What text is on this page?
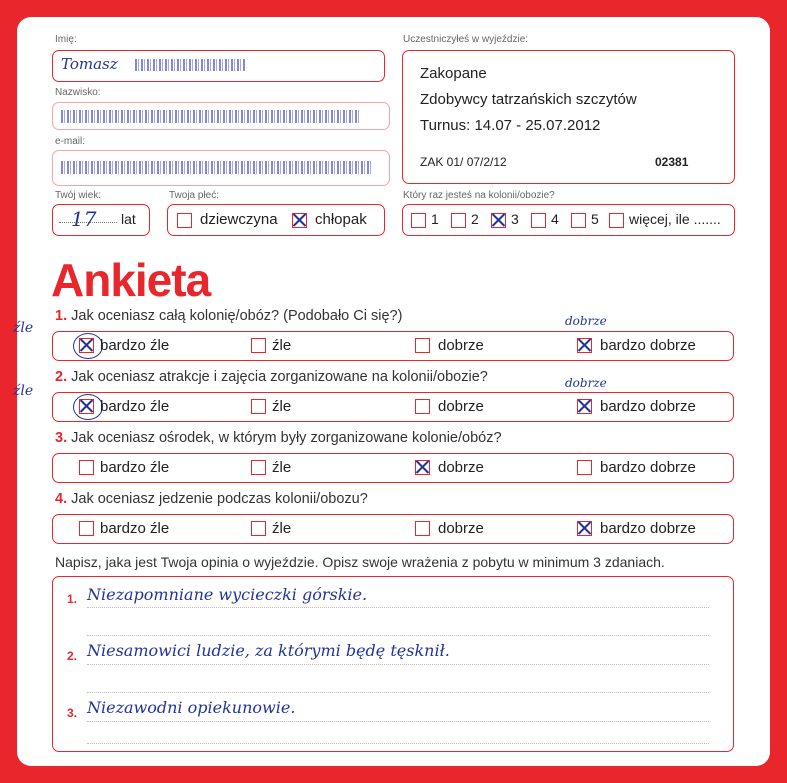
Imię:
Tomasz
Nazwisko:
e-mail:
Twój wiek:
17 lat
Twoja płeć:
dziewczyna chłopak
Uczestniczyłeś w wyjeździe:
Zakopane
Zdobywcy tatrzańskich szczytów
Turnus: 14.07 - 25.07.2012
ZAK 01/ 07/2/12	02381
Który raz jesteś na kolonii/obozie?
1 2 3 4 5 więcej, ile .......
Ankieta
źle
1. Jak oceniasz całą kolonię/obóz? (Podobało Ci się?)	dobrze
bardzo źle	źle	dobrze	bardzo dobrze
źle
2. Jak oceniasz atrakcje i zajęcia zorganizowane na kolonii/obozie?	dobrze
bardzo źle	źle	dobrze	bardzo dobrze
3. Jak oceniasz ośrodek, w którym były zorganizowane kolonie/obóz?
bardzo źle	źle	dobrze	bardzo dobrze
4. Jak oceniasz jedzenie podczas kolonii/obozu?
bardzo źle	źle	dobrze	bardzo dobrze
Napisz, jaka jest Twoja opinia o wyjeździe. Opisz swoje wrażenia z pobytu w minimum 3 zdaniach.
1. Niezapomniane wycieczki górskie.
2. Niesamowici ludzie, za którymi będę tęsknił.
3. Niezawodni opiekunowie.
